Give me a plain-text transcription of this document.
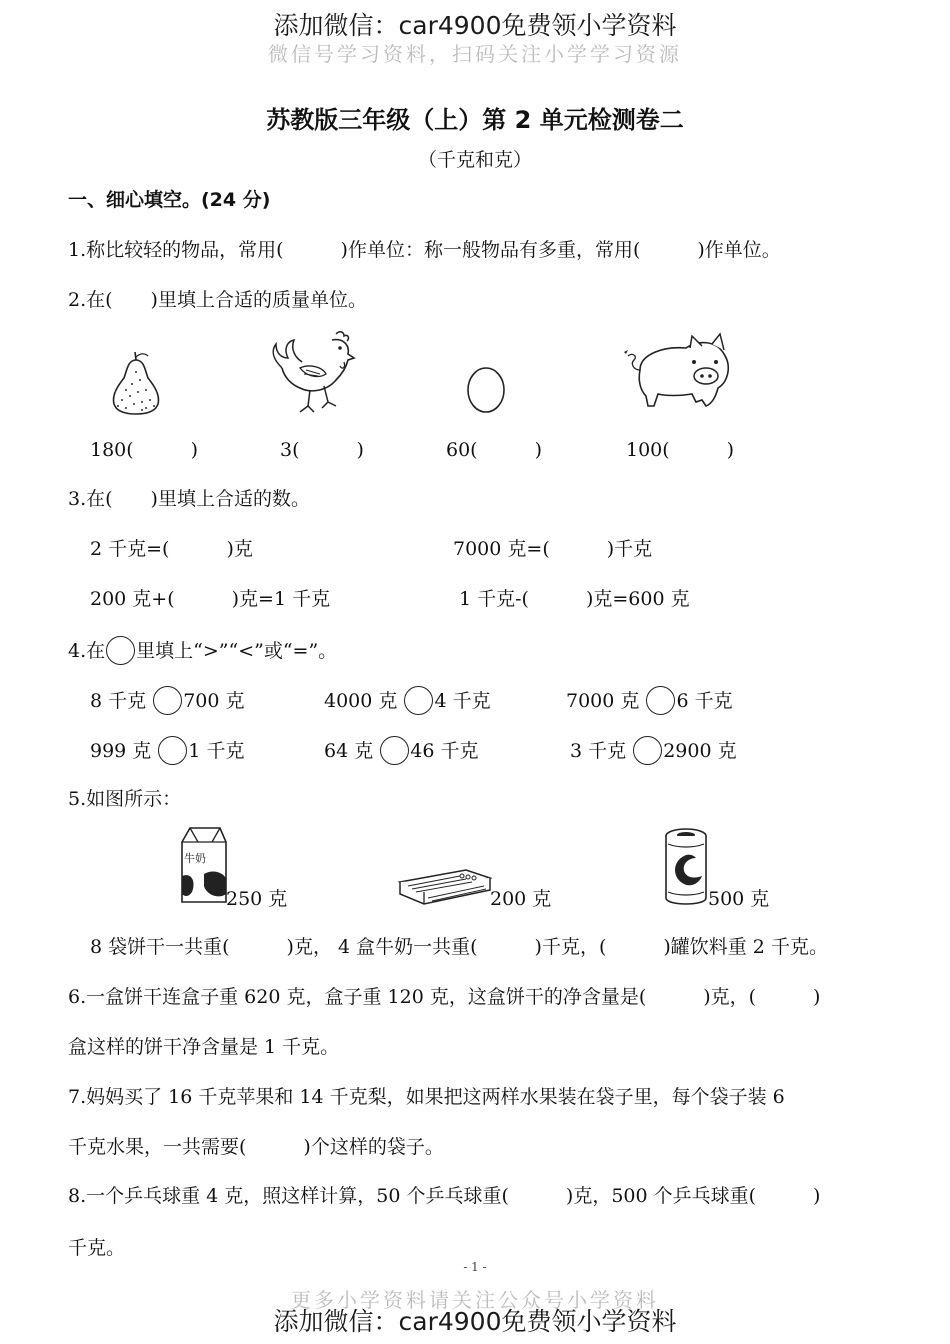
微信号学习资料，扫码关注小学学习资源
添加微信：car4900免费领小学资料
苏教版三年级（上）第 2 单元检测卷二
（千克和克）
一、细心填空。(24 分)
1.称比较轻的物品，常用(　　　)作单位：称一般物品有多重，常用(　　　)作单位。
2.在(　　)里填上合适的质量单位。
180(　　　)	3(　　　)	60(　　　)	100(　　　)
3.在(　　)里填上合适的数。
2 千克=(　　　)克	7000 克=(　　　)千克
200 克+(　　　)克=1 千克	1 千克-(　　　)克=600 克
4.在 里填上“>”“<”或“=”。
8 千克 700 克	4000 克 4 千克	7000 克 6 千克
999 克 1 千克	64 克 46 千克	3 千克 2900 克
5.如图所示：
牛奶
250 克	200 克	500 克
8 袋饼干一共重(　　　)克， 4 盒牛奶一共重(　　　)千克，(　　　)罐饮料重 2 千克。
6.一盒饼干连盒子重 620 克，盒子重 120 克，这盒饼干的净含量是(　　　)克，(　　　)
盒这样的饼干净含量是 1 千克。
7.妈妈买了 16 千克苹果和 14 千克梨，如果把这两样水果装在袋子里，每个袋子装 6
千克水果，一共需要(　　　)个这样的袋子。
8.一个乒乓球重 4 克，照这样计算，50 个乒乓球重(　　　)克，500 个乒乓球重(　　　)
千克。
- 1 -
更多小学资料请关注公众号小学资料
添加微信：car4900免费领小学资料
